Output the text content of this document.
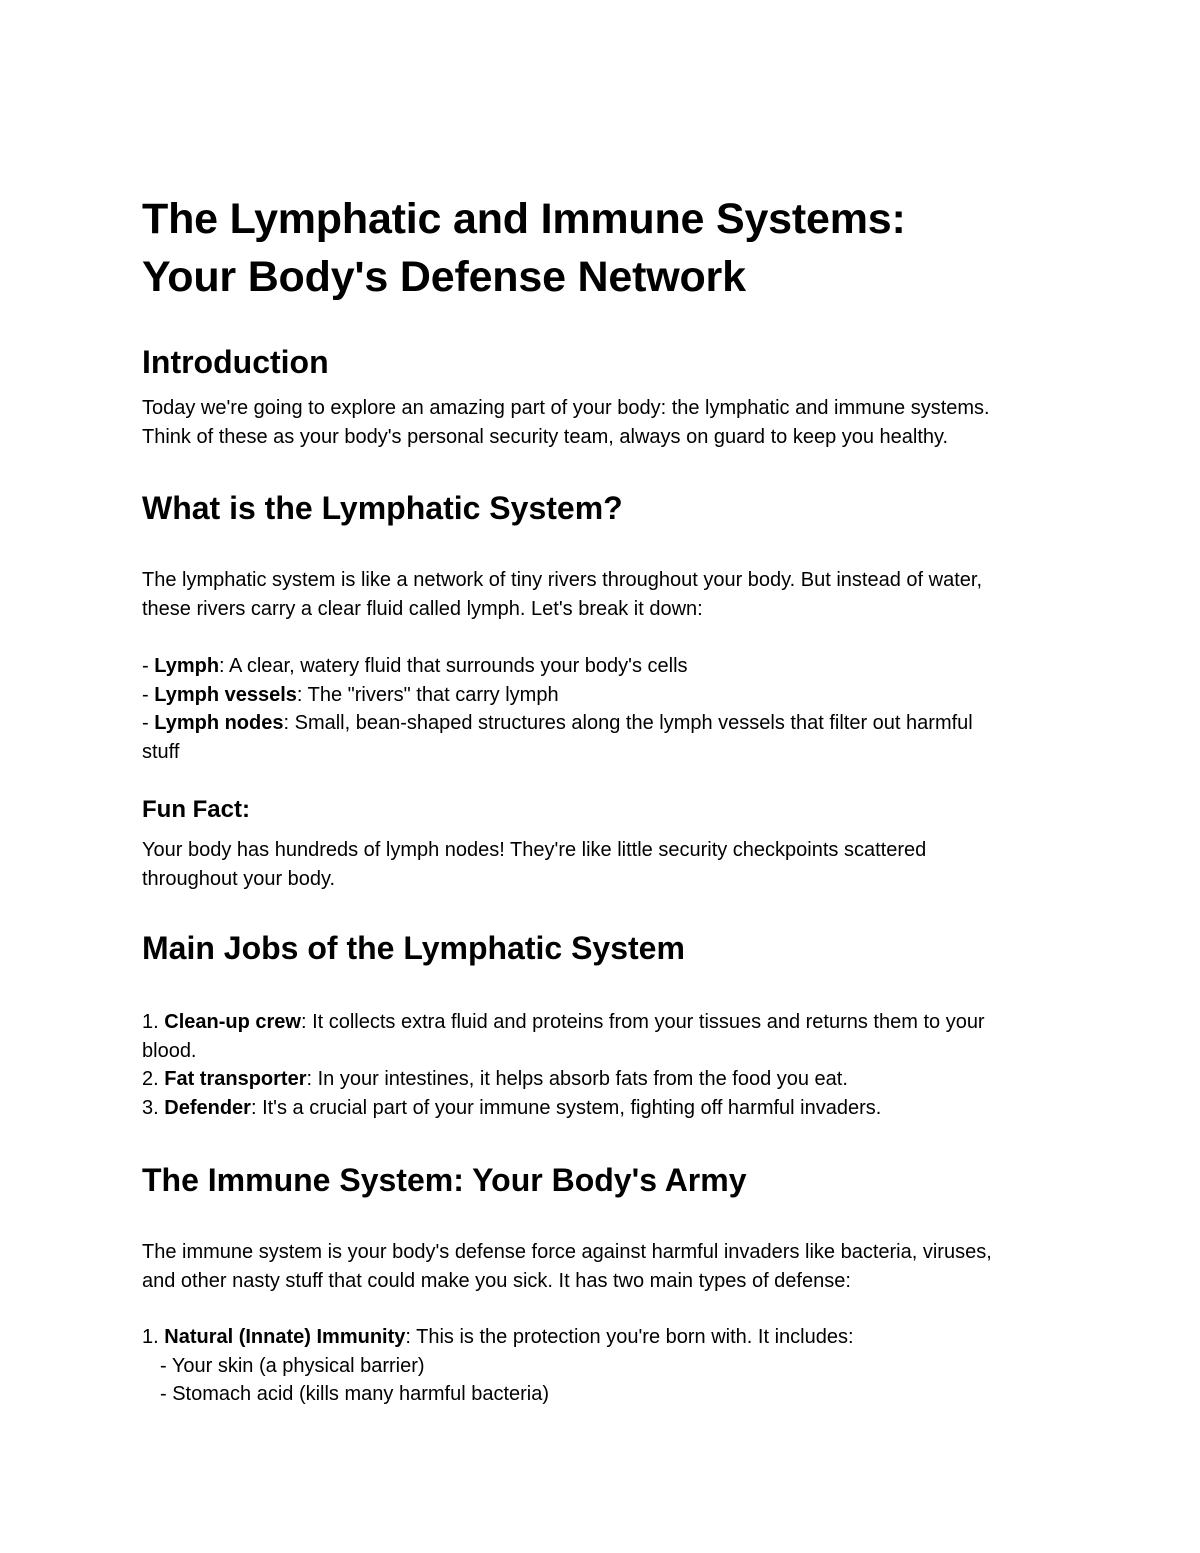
The Lymphatic and Immune Systems:
Your Body's Defense Network
Introduction
Today we're going to explore an amazing part of your body: the lymphatic and immune systems.
Think of these as your body's personal security team, always on guard to keep you healthy.
What is the Lymphatic System?
The lymphatic system is like a network of tiny rivers throughout your body. But instead of water,
these rivers carry a clear fluid called lymph. Let's break it down:
- Lymph: A clear, watery fluid that surrounds your body's cells
- Lymph vessels: The "rivers" that carry lymph
- Lymph nodes: Small, bean-shaped structures along the lymph vessels that filter out harmful
stuff
Fun Fact:
Your body has hundreds of lymph nodes! They're like little security checkpoints scattered
throughout your body.
Main Jobs of the Lymphatic System
1. Clean-up crew: It collects extra fluid and proteins from your tissues and returns them to your
blood.
2. Fat transporter: In your intestines, it helps absorb fats from the food you eat.
3. Defender: It's a crucial part of your immune system, fighting off harmful invaders.
The Immune System: Your Body's Army
The immune system is your body's defense force against harmful invaders like bacteria, viruses,
and other nasty stuff that could make you sick. It has two main types of defense:
1. Natural (Innate) Immunity: This is the protection you're born with. It includes:
- Your skin (a physical barrier)
- Stomach acid (kills many harmful bacteria)
